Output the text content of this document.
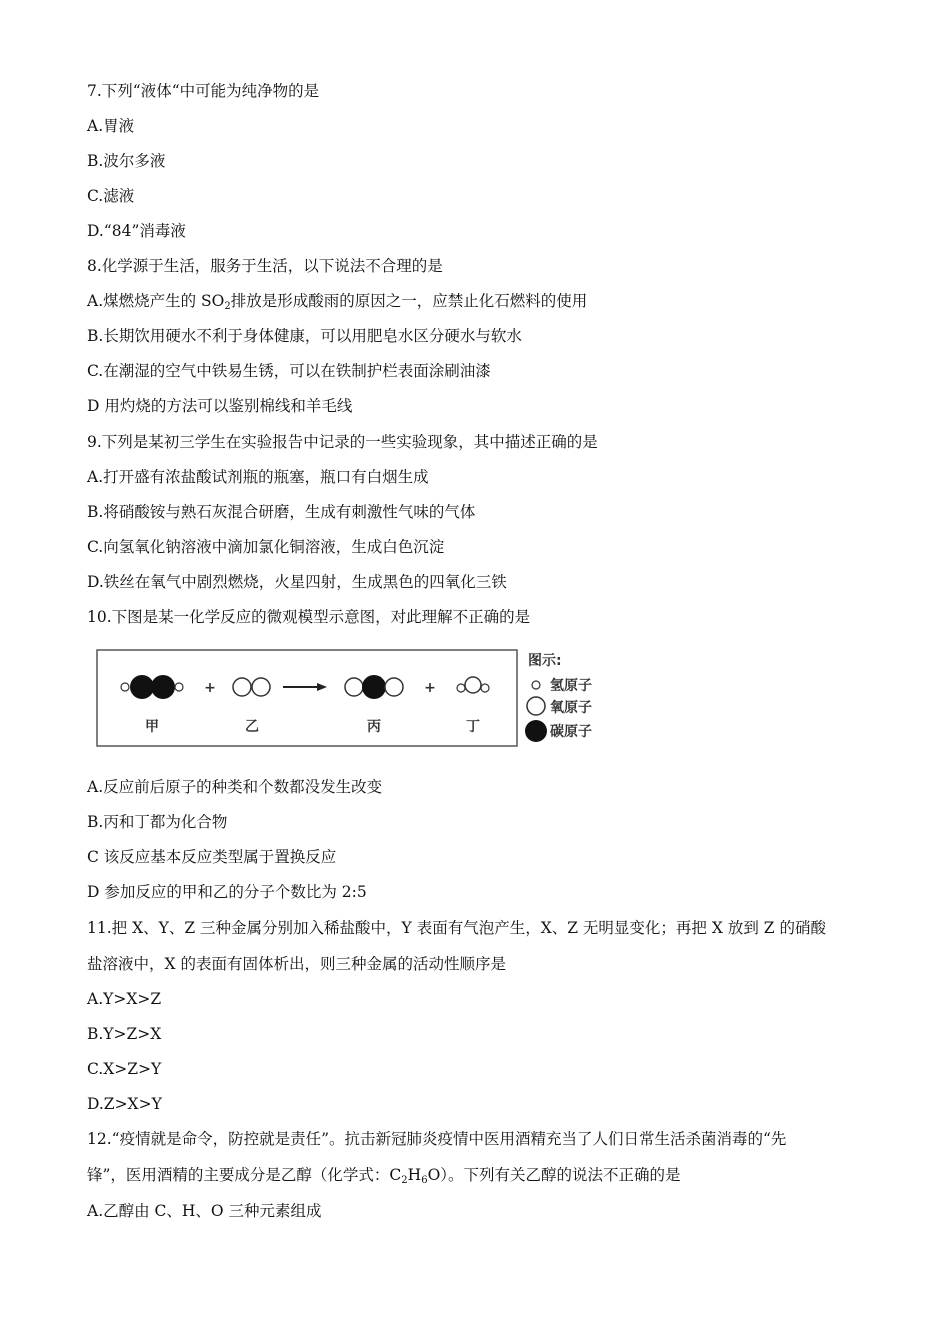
7.下列“液体“中可能为纯净物的是
A.胃液
B.波尔多液
C.滤液
D.“84”消毒液
8.化学源于生活，服务于生活，以下说法不合理的是
A.煤燃烧产生的 $SO_2$排放是形成酸雨的原因之一，应禁止化石燃料的使用
B.长期饮用硬水不利于身体健康，可以用肥皂水区分硬水与软水
C.在潮湿的空气中铁易生锈，可以在铁制护栏表面涂刷油漆
D 用灼烧的方法可以鉴别棉线和羊毛线
9.下列是某初三学生在实验报告中记录的一些实验现象，其中描述正确的是
A.打开盛有浓盐酸试剂瓶的瓶塞，瓶口有白烟生成
B.将硝酸铵与熟石灰混合研磨，生成有刺激性气味的气体
C.向氢氧化钠溶液中滴加氯化铜溶液，生成白色沉淀
D.铁丝在氧气中剧烈燃烧，火星四射，生成黑色的四氧化三铁
10.下图是某一化学反应的微观模型示意图，对此理解不正确的是
+	+
甲	乙	丙	丁
图示:
氢原子
氧原子
碳原子
A.反应前后原子的种类和个数都没发生改变
B.丙和丁都为化合物
C 该反应基本反应类型属于置换反应
D 参加反应的甲和乙的分子个数比为 2:5
11.把 X、Y、Z 三种金属分别加入稀盐酸中，Y 表面有气泡产生，X、Z 无明显变化；再把 X 放到 Z 的硝酸
盐溶液中，X 的表面有固体析出，则三种金属的活动性顺序是
A.Y>X>Z
B.Y>Z>X
C.X>Z>Y
D.Z>X>Y
12.“疫情就是命令，防控就是责任”。抗击新冠肺炎疫情中医用酒精充当了人们日常生活杀菌消毒的“先
锋”，医用酒精的主要成分是乙醇（化学式：$C_2H_6O$）。下列有关乙醇的说法不正确的是
A.乙醇由 C、H、O 三种元素组成
